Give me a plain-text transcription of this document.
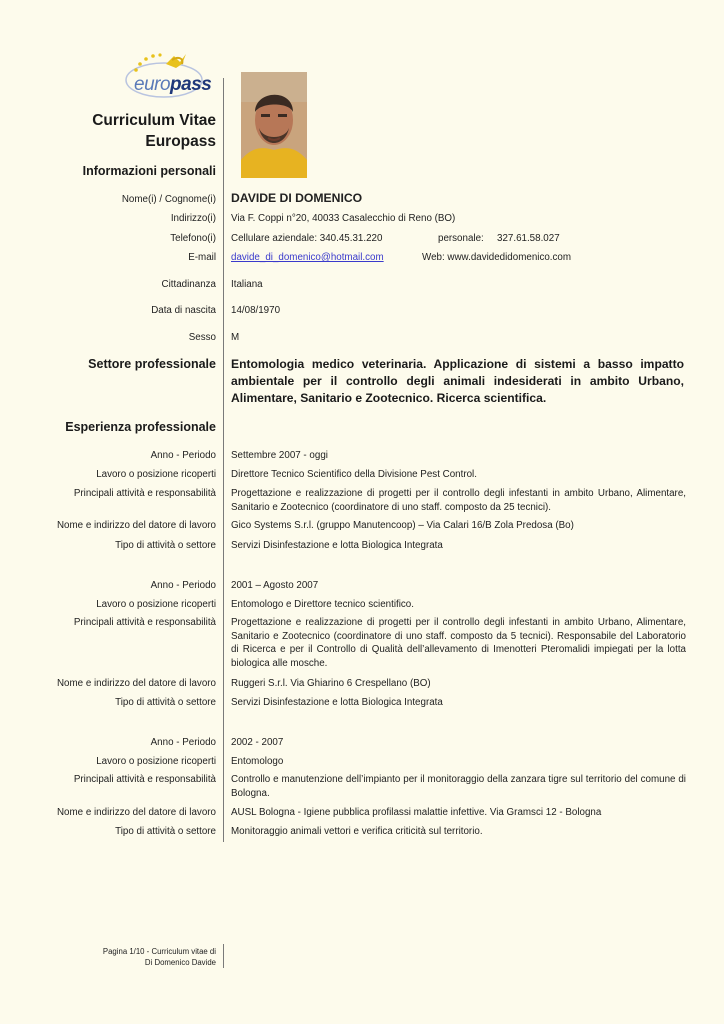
europass
Curriculum Vitae
Europass
Informazioni personali
Nome(i) / Cognome(i) DAVIDE DI DOMENICO
Indirizzo(i) Via F. Coppi n°20, 40033 Casalecchio di Reno (BO)
Telefono(i) Cellulare aziendale: 340.45.31.220	personale: 327.61.58.027
E-mail davide_di_domenico@hotmail.com	Web: www.davidedidomenico.com
Cittadinanza Italiana
Data di nascita 14/08/1970
Sesso M
Settore professionale Entomologia medico veterinaria. Applicazione di sistemi a basso impatto ambientale per il controllo degli animali indesiderati in ambito Urbano, Alimentare, Sanitario e Zootecnico. Ricerca scientifica.
Esperienza professionale
Anno - Periodo Settembre 2007 - oggi
Lavoro o posizione ricoperti Direttore Tecnico Scientifico della Divisione Pest Control.
Principali attività e responsabilità Progettazione e realizzazione di progetti per il controllo degli infestanti in ambito Urbano, Alimentare, Sanitario e Zootecnico (coordinatore di uno staff. composto da 25 tecnici).
Nome e indirizzo del datore di lavoro Gico Systems S.r.l. (gruppo Manutencoop) – Via Calari 16/B Zola Predosa (Bo)
Tipo di attività o settore Servizi Disinfestazione e lotta Biologica Integrata
Anno - Periodo 2001 – Agosto 2007
Lavoro o posizione ricoperti Entomologo e Direttore tecnico scientifico.
Principali attività e responsabilità Progettazione e realizzazione di progetti per il controllo degli infestanti in ambito Urbano, Alimentare, Sanitario e Zootecnico (coordinatore di uno staff. composto da 5 tecnici). Responsabile del Laboratorio di Ricerca e per il Controllo di Qualità dell’allevamento di Imenotteri Pteromalidi impiegati per la lotta biologica alle mosche.
Nome e indirizzo del datore di lavoro Ruggeri S.r.l. Via Ghiarino 6 Crespellano (BO)
Tipo di attività o settore Servizi Disinfestazione e lotta Biologica Integrata
Anno - Periodo 2002 - 2007
Lavoro o posizione ricoperti Entomologo
Principali attività e responsabilità Controllo e manutenzione dell’impianto per il monitoraggio della zanzara tigre sul territorio del comune di Bologna.
Nome e indirizzo del datore di lavoro AUSL Bologna - Igiene pubblica profilassi malattie infettive. Via Gramsci 12 - Bologna
Tipo di attività o settore Monitoraggio animali vettori e verifica criticità sul territorio.
Pagina 1/10 - Curriculum vitae di
Di Domenico Davide
